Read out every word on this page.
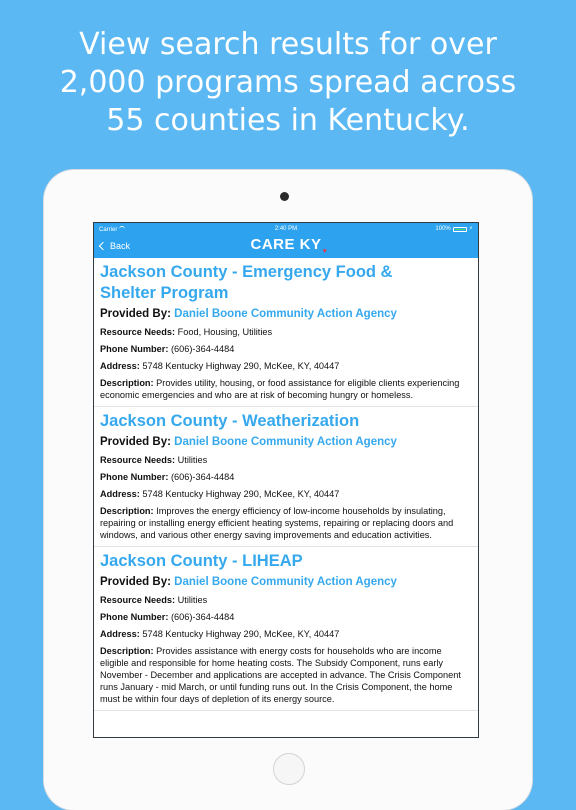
View search results for over
2,000 programs spread across
55 counties in Kentucky.
Carrier	2:40 PM	100%	⚡
Back	CARE KY ♥
Jackson County - Emergency Food &
Shelter Program
Provided By: Daniel Boone Community Action Agency
Resource Needs: Food, Housing, Utilities
Phone Number: (606)-364-4484
Address: 5748 Kentucky Highway 290, McKee, KY, 40447
Description: Provides utility, housing, or food assistance for eligible clients experiencing economic emergencies and who are at risk of becoming hungry or homeless.
Jackson County - Weatherization
Provided By: Daniel Boone Community Action Agency
Resource Needs: Utilities
Phone Number: (606)-364-4484
Address: 5748 Kentucky Highway 290, McKee, KY, 40447
Description: Improves the energy efficiency of low-income households by insulating, repairing or installing energy efficient heating systems, repairing or replacing doors and windows, and various other energy saving improvements and education activities.
Jackson County - LIHEAP
Provided By: Daniel Boone Community Action Agency
Resource Needs: Utilities
Phone Number: (606)-364-4484
Address: 5748 Kentucky Highway 290, McKee, KY, 40447
Description: Provides assistance with energy costs for households who are income eligible and responsible for home heating costs. The Subsidy Component, runs early November - December and applications are accepted in advance. The Crisis Component runs January - mid March, or until funding runs out. In the Crisis Component, the home must be within four days of depletion of its energy source.
